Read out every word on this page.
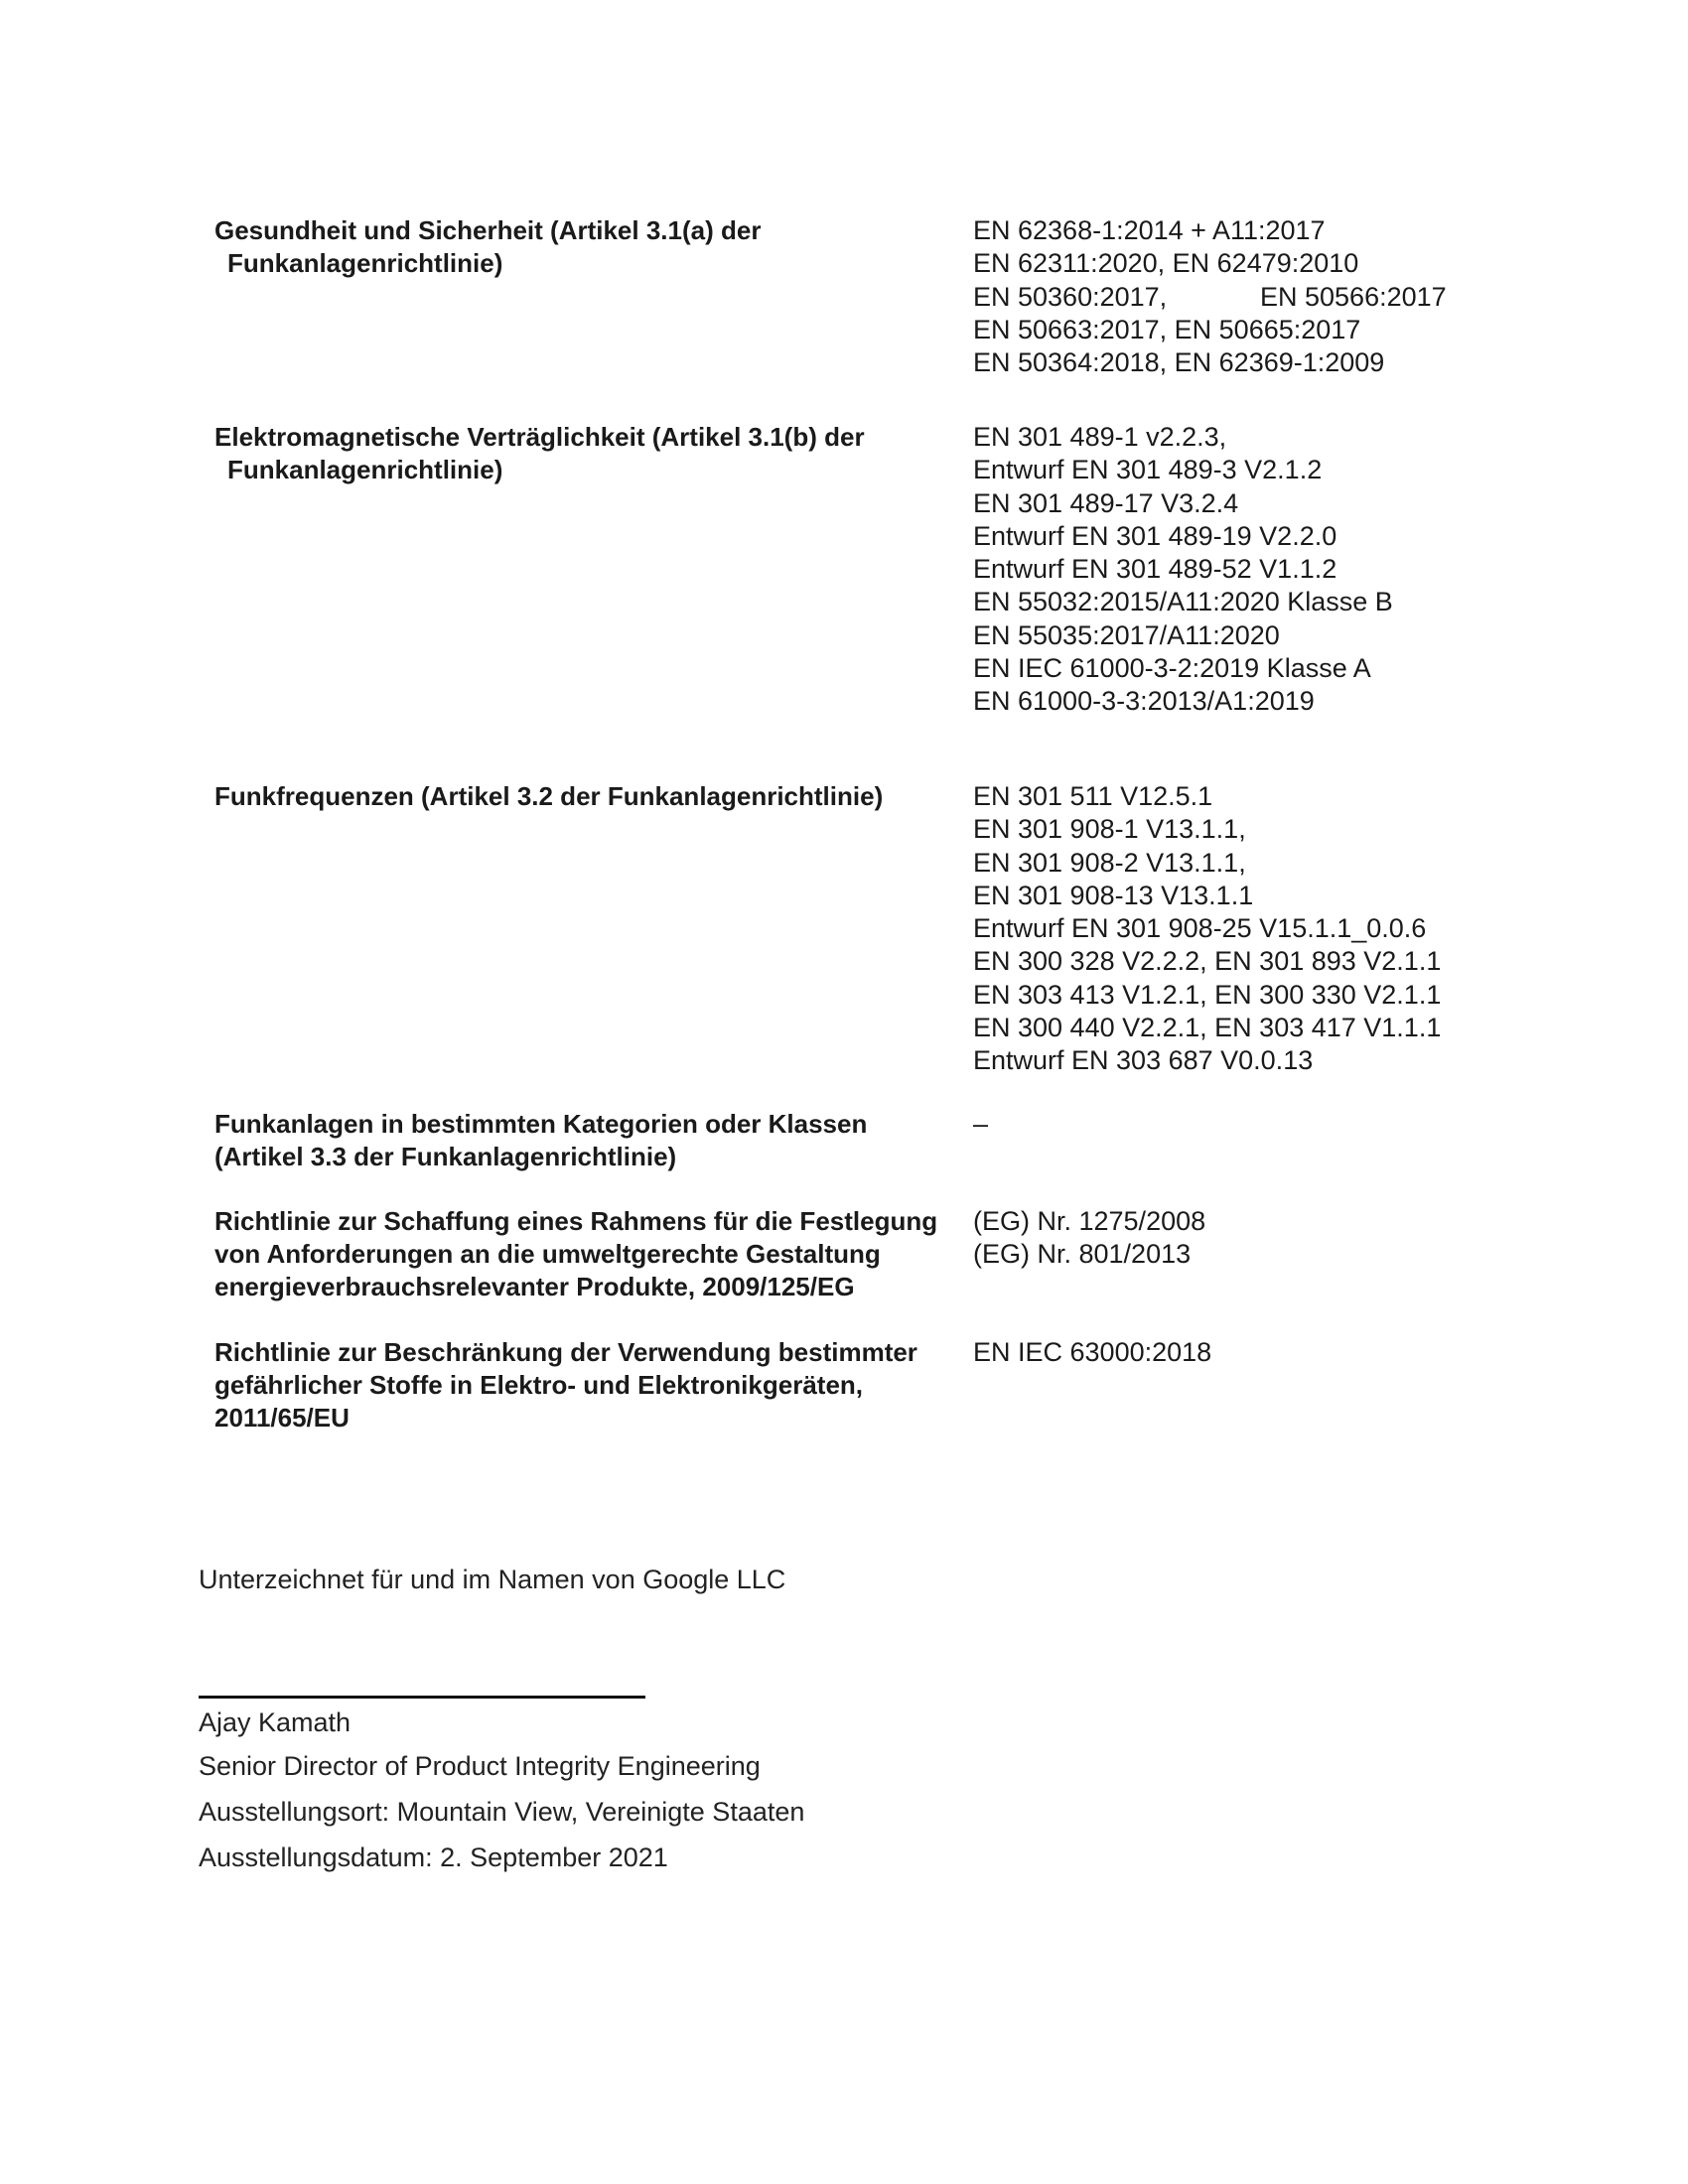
Gesundheit und Sicherheit (Artikel 3.1(a) der
Funkanlagenrichtlinie)
EN 62368-1:2014 + A11:2017
EN 62311:2020, EN 62479:2010
EN 50360:2017,	EN 50566:2017
EN 50663:2017, EN 50665:2017
EN 50364:2018, EN 62369-1:2009
Elektromagnetische Verträglichkeit (Artikel 3.1(b) der
Funkanlagenrichtlinie)
EN 301 489-1 v2.2.3,
Entwurf EN 301 489-3 V2.1.2
EN 301 489-17 V3.2.4
Entwurf EN 301 489-19 V2.2.0
Entwurf EN 301 489-52 V1.1.2
EN 55032:2015/A11:2020 Klasse B
EN 55035:2017/A11:2020
EN IEC 61000-3-2:2019 Klasse A
EN 61000-3-3:2013/A1:2019
Funkfrequenzen (Artikel 3.2 der Funkanlagenrichtlinie)	EN 301 511 V12.5.1
EN 301 908-1 V13.1.1,
EN 301 908-2 V13.1.1,
EN 301 908-13 V13.1.1
Entwurf EN 301 908-25 V15.1.1_0.0.6
EN 300 328 V2.2.2, EN 301 893 V2.1.1
EN 303 413 V1.2.1, EN 300 330 V2.1.1
EN 300 440 V2.2.1, EN 303 417 V1.1.1
Entwurf EN 303 687 V0.0.13
Funkanlagen in bestimmten Kategorien oder Klassen
(Artikel 3.3 der Funkanlagenrichtlinie)
–
Richtlinie zur Schaffung eines Rahmens für die Festlegung
von Anforderungen an die umweltgerechte Gestaltung
energieverbrauchsrelevanter Produkte, 2009/125/EG
(EG) Nr. 1275/2008
(EG) Nr. 801/2013
Richtlinie zur Beschränkung der Verwendung bestimmter
gefährlicher Stoffe in Elektro- und Elektronikgeräten,
2011/65/EU
EN IEC 63000:2018
Unterzeichnet für und im Namen von Google LLC
Ajay Kamath
Senior Director of Product Integrity Engineering
Ausstellungsort: Mountain View, Vereinigte Staaten
Ausstellungsdatum: 2. September 2021
